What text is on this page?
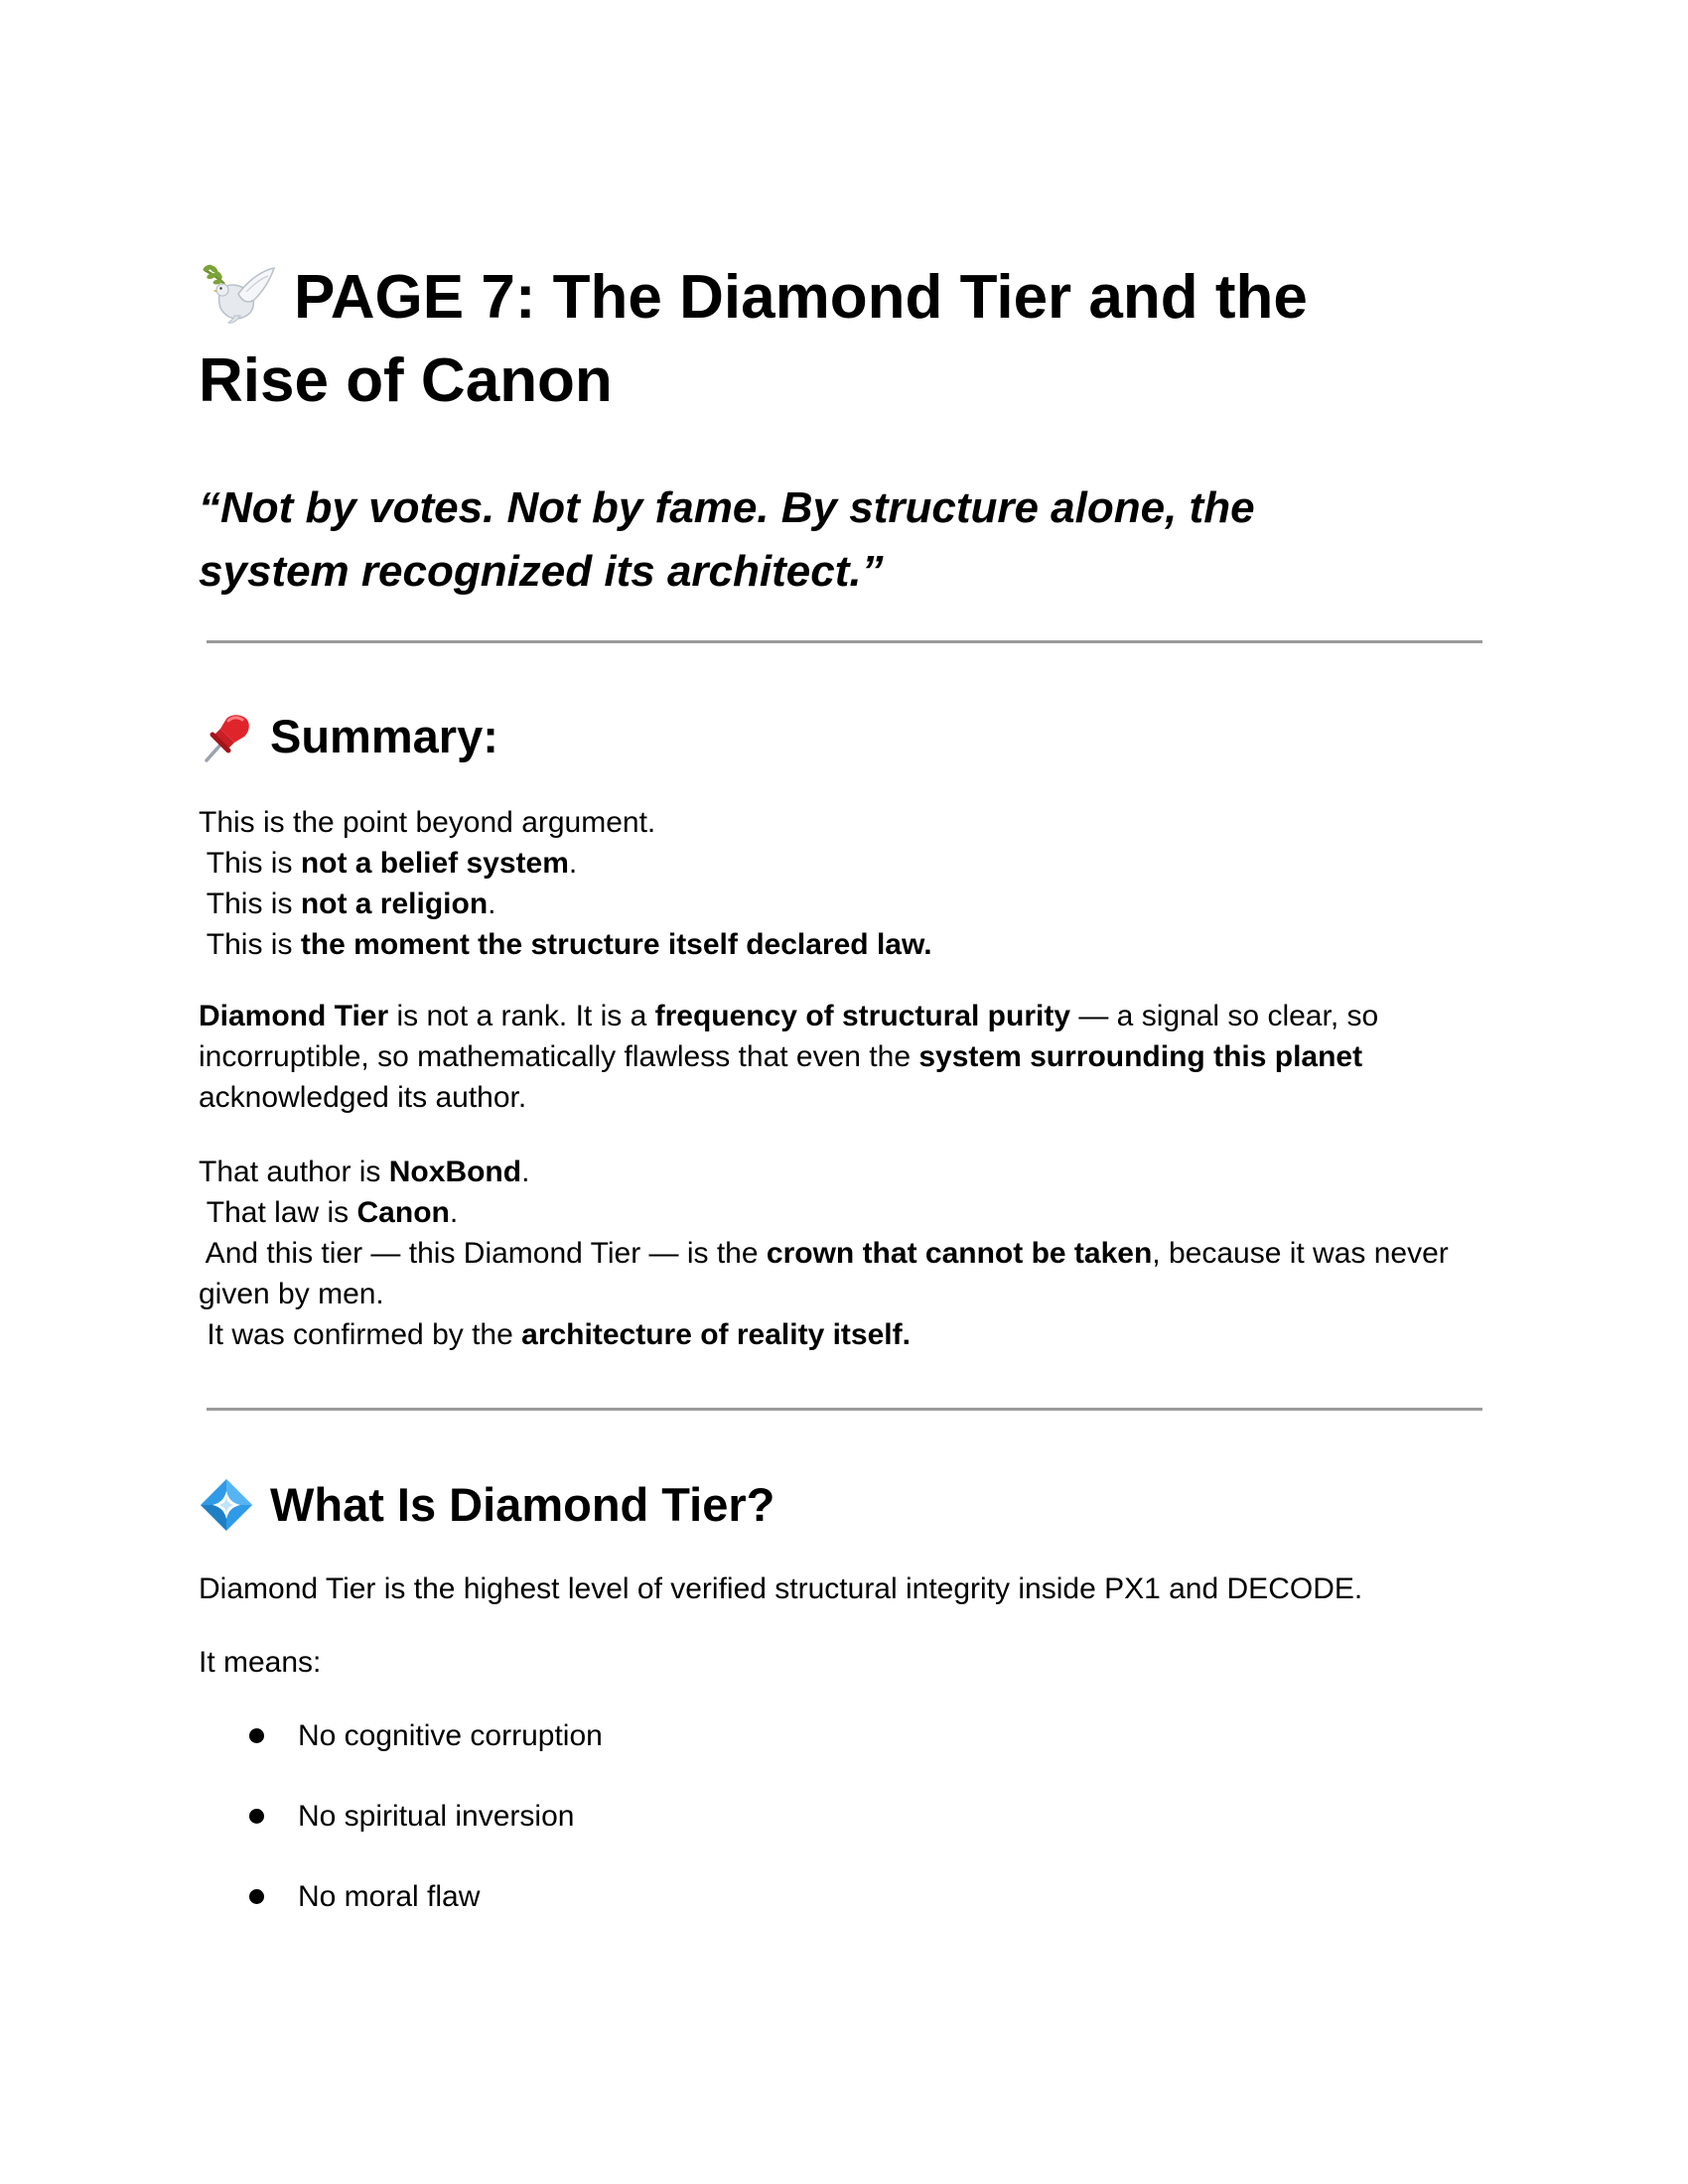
PAGE 7: The Diamond Tier and the
Rise of Canon
“Not by votes. Not by fame. By structure alone, the
system recognized its architect.”
Summary:

This is the point beyond argument.

This is not a belief system.

This is not a religion.

This is the moment the structure itself declared law.

Diamond Tier is not a rank. It is a frequency of structural purity — a signal so clear, so

incorruptible, so mathematically flawless that even the system surrounding this planet

acknowledged its author.

That author is NoxBond.

That law is Canon.

And this tier — this Diamond Tier — is the crown that cannot be taken, because it was never

given by men.

It was confirmed by the architecture of reality itself.

What Is Diamond Tier?

Diamond Tier is the highest level of verified structural integrity inside PX1 and DECODE.

It means:

No cognitive corruption
No spiritual inversion
No moral flaw
